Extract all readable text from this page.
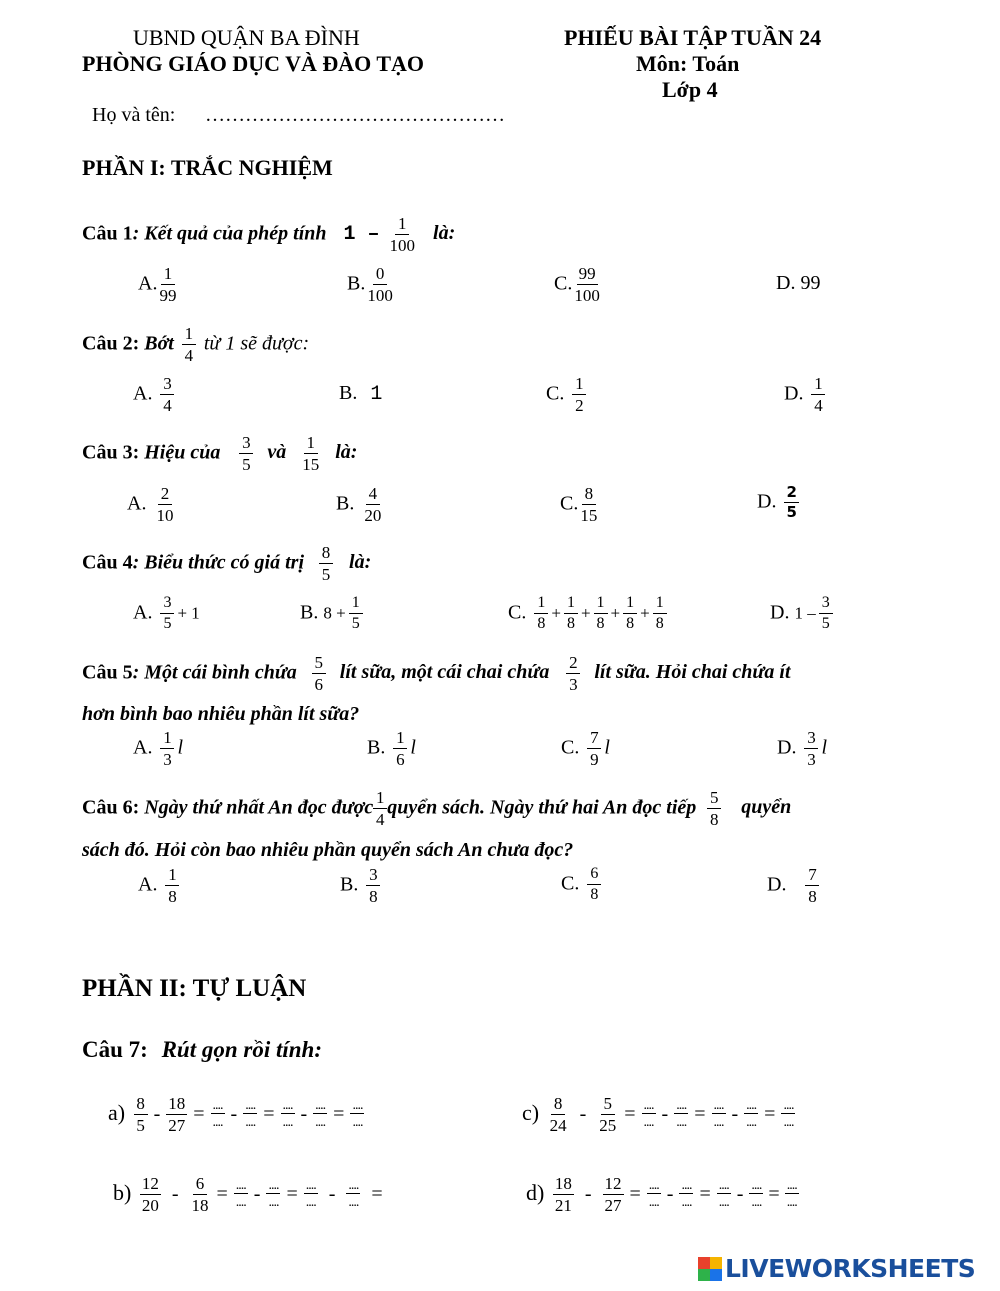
UBND QUẬN BA ĐÌNH
PHÒNG GIÁO DỤC VÀ ĐÀO TẠO
PHIẾU BÀI TẬP TUẦN 24
Môn: Toán
Lớp 4
Họ và tên: ………………………………………
PHẦN I: TRẮC NGHIỆM
Câu 1: Kết quả của phép tính $1 - \frac{1}{100}$ là:
A. $\frac{1}{99}$	B. $\frac{0}{100}$	C. $\frac{99}{100}$	D. 99
Câu 2: Bớt $\frac{1}{4}$ từ 1 sẽ được:
A. $\frac{3}{4}$	B. 1	C. $\frac{1}{2}$	D. $\frac{1}{4}$
Câu 3: Hiệu của $\frac{3}{5}$ và $\frac{1}{15}$ là:
A. $\frac{2}{10}$	B. $\frac{4}{20}$	C. $\frac{8}{15}$	D. $\frac{2}{5}$
Câu 4: Biểu thức có giá trị $\frac{8}{5}$ là:
A. $\frac{3}{5} + 1$	B. $8 + \frac{1}{5}$	C. $\frac{1}{8} + \frac{1}{8} + \frac{1}{8} + \frac{1}{8} + \frac{1}{8}$	D. $1 - \frac{3}{5}$
Câu 5: Một cái bình chứa $\frac{5}{6}$ lít sữa, một cái chai chứa $\frac{2}{3}$ lít sữa. Hỏi chai chứa ít
hơn bình bao nhiêu phần lít sữa?
A. $\frac{1}{3}$ l	B. $\frac{1}{6}$ l	C. $\frac{7}{9}$ l	D. $\frac{3}{3}$ l
Câu 6: Ngày thứ nhất An đọc được $\frac{1}{4}$ quyển sách. Ngày thứ hai An đọc tiếp $\frac{5}{8}$ quyển
sách đó. Hỏi còn bao nhiêu phần quyển sách An chưa đọc?
A. $\frac{1}{8}$	B. $\frac{3}{8}$	C. $\frac{6}{8}$	D. $\frac{7}{8}$
PHẦN II: TỰ LUẬN
Câu 7: Rút gọn rồi tính:
$a) \frac{8}{5} - \frac{18}{27} = \frac{....}{....} - \frac{....}{....} = \frac{....}{....} - \frac{....}{....} = \frac{....}{....}$	$c) \frac{8}{24} - \frac{5}{25} = \frac{....}{....} - \frac{....}{....} = \frac{....}{....} - \frac{....}{....} = \frac{....}{....}$
$b) \frac{12}{20} - \frac{6}{18} = \frac{....}{....} - \frac{....}{....} = \frac{....}{....} - \frac{....}{....}$ =	$d) \frac{18}{21} - \frac{12}{27} = \frac{....}{....} - \frac{....}{....} = \frac{....}{....} - \frac{....}{....} = \frac{....}{....}$
LIVEWORKSHEETS
